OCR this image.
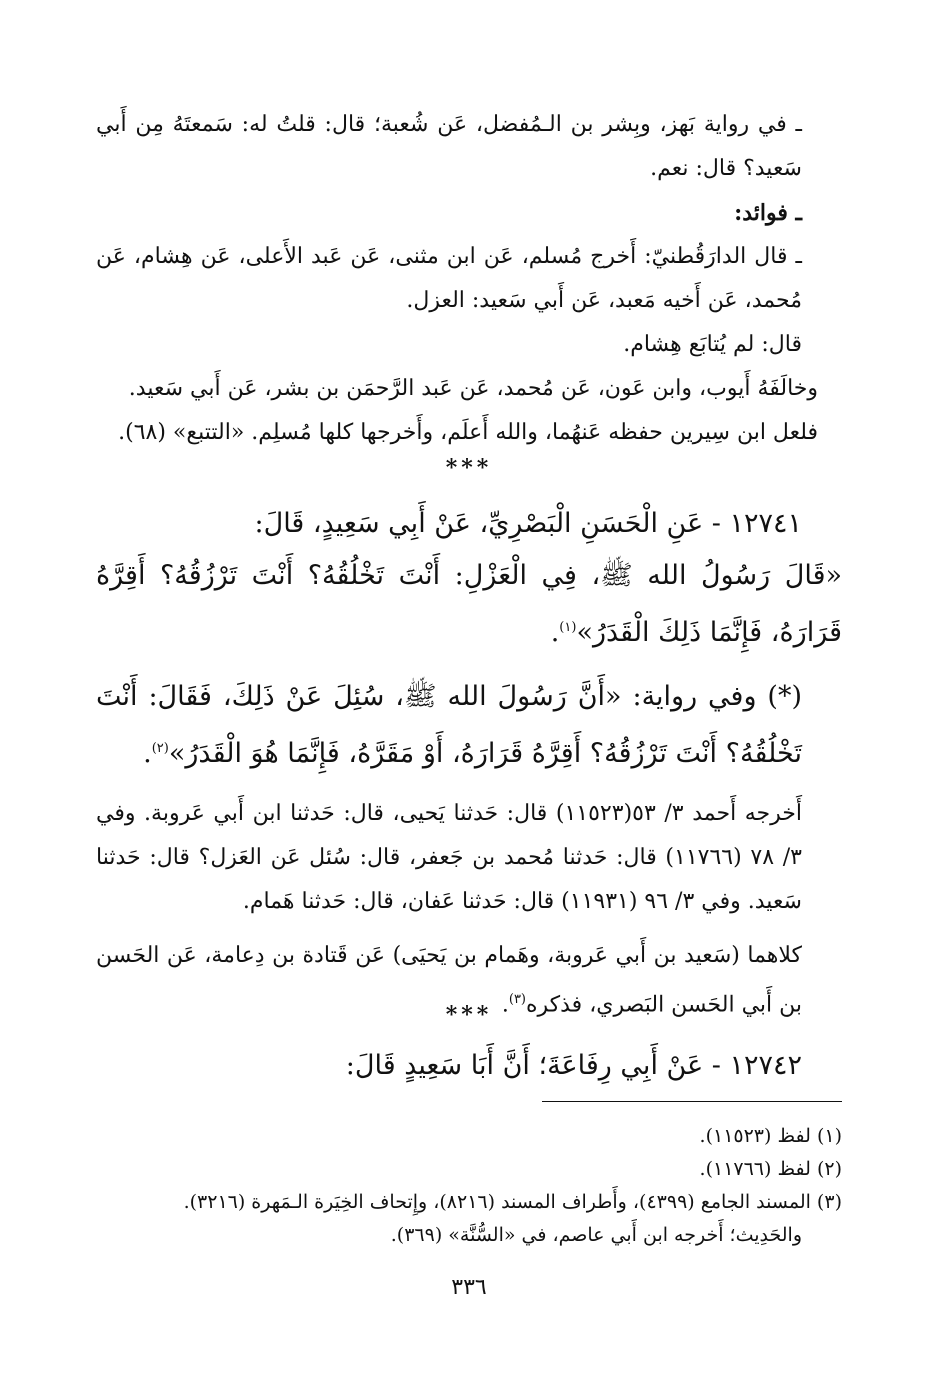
ـ في رواية بَهز، وبِشر بن الـمُفضل، عَن شُعبة؛ قال: قلتُ له: سَمعتَهُ مِن أَبي سَعيد؟ قال: نعم.

ـ فوائد:

ـ قال الدارَقُطنيّ: أَخرج مُسلم، عَن ابن مثنى، عَن عَبد الأَعلى، عَن هِشام، عَن مُحمد، عَن أَخيه مَعبد، عَن أَبي سَعيد: العزل.

قال: لم يُتابَع هِشام.

وخالَفَهُ أَيوب، وابن عَون، عَن مُحمد، عَن عَبد الرَّحمَن بن بشر، عَن أَبي سَعيد.

فلعل ابن سِيرين حفظه عَنهُما، والله أَعلَم، وأَخرجها كلها مُسلِم. «التتبع» (٦٨).

***

١٢٧٤١ - عَنِ الْحَسَنِ الْبَصْرِيِّ، عَنْ أَبِي سَعِيدٍ، قَالَ:

«قَالَ رَسُولُ الله ﷺ، فِي الْعَزْلِ: أَنْتَ تَخْلُقُهُ؟ أَنْتَ تَرْزُقُهُ؟ أَقِرَّهُ قَرَارَهُ، فَإِنَّمَا ذَلِكَ الْقَدَرُ»$^{(١)}$.

(*) وفي رواية: «أَنَّ رَسُولَ الله ﷺ، سُئِلَ عَنْ ذَلِكَ، فَقَالَ: أَنْتَ تَخْلُقُهُ؟ أَنْتَ تَرْزُقُهُ؟ أَقِرَّهُ قَرَارَهُ، أَوْ مَقَرَّهُ، فَإِنَّمَا هُوَ الْقَدَرُ»$^{(٢)}$.

أَخرجه أَحمد ٣/ ٥٣(١١٥٢٣) قال: حَدثنا يَحيى، قال: حَدثنا ابن أَبي عَروبة. وفي ٣/ ٧٨ (١١٧٦٦) قال: حَدثنا مُحمد بن جَعفر، قال: سُئل عَن العَزل؟ قال: حَدثنا سَعيد. وفي ٣/ ٩٦ (١١٩٣١) قال: حَدثنا عَفان، قال: حَدثنا هَمام.

كلاهما (سَعيد بن أَبي عَروبة، وهَمام بن يَحيَى) عَن قَتادة بن دِعامة، عَن الحَسن بن أَبي الحَسن البَصري، فذكره$^{(٣)}$.

***

١٢٧٤٢ - عَنْ أَبِي رِفَاعَةَ؛ أَنَّ أَبَا سَعِيدٍ قَالَ:

(١) لفظ (١١٥٢٣).

(٢) لفظ (١١٧٦٦).

(٣) المسند الجامع (٤٣٩٩)، وأَطراف المسند (٨٢١٦)، وإِتحاف الخِيَرة الـمَهرة (٣٢١٦).

والحَدِيث؛ أَخرجه ابن أَبي عاصم، في «السُّنَّة» (٣٦٩).

٣٣٦
